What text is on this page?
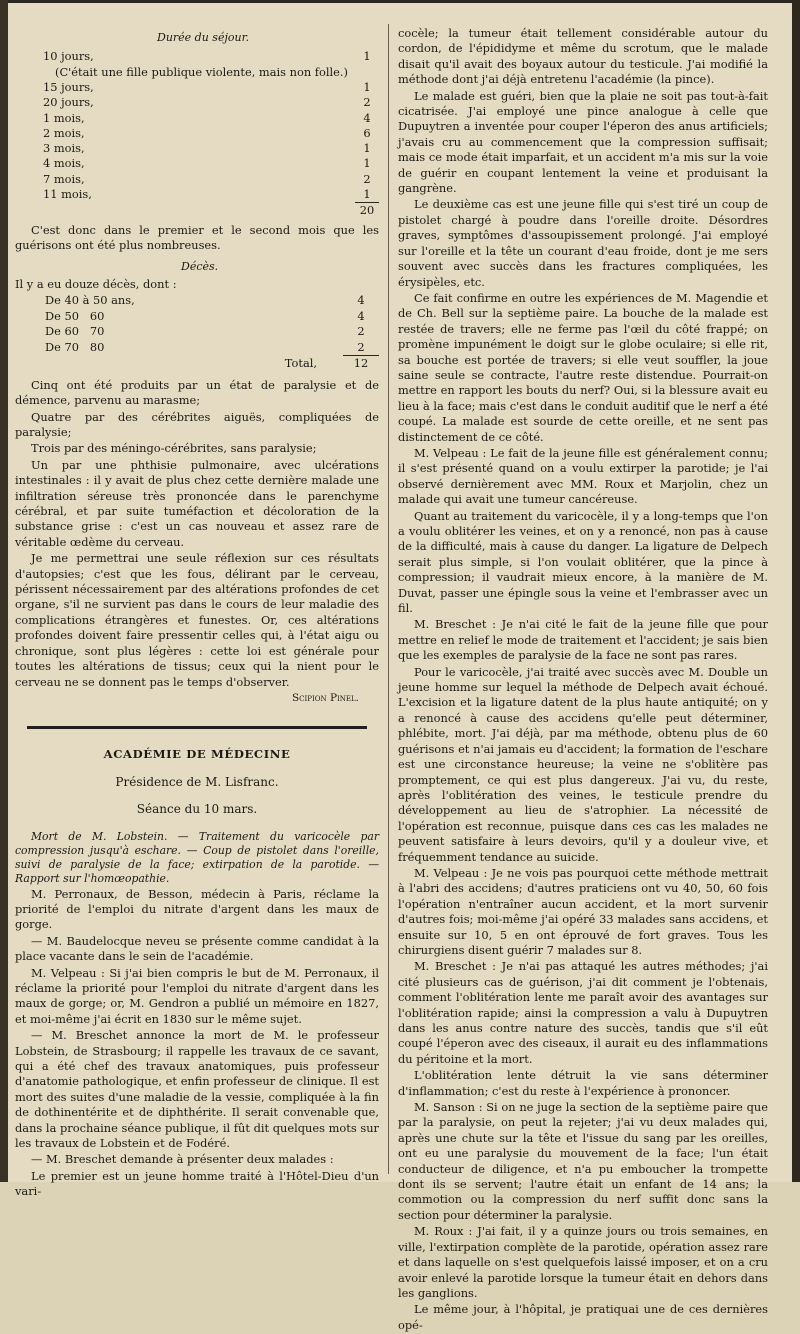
Durée du séjour.
10 jours,	1
(C'était une fille publique violente, mais non folle.)	
15 jours,	1
20 jours,	2
1 mois,	4
2 mois,	6
3 mois,	1
4 mois,	1
7 mois,	2
11 mois,	1
	20

C'est donc dans le premier et le second mois que les guérisons ont été plus nombreuses.

Décès.

Il y a eu douze décès, dont :

De 40 à 50 ans,	4
De 50   60	4
De 60   70	2
De 70   80	2
Total,	12

Cinq ont été produits par un état de paralysie et de démence, parvenu au marasme;

Quatre par des cérébrites aiguës, compliquées de paralysie;

Trois par des méningo-cérébrites, sans paralysie;

Un par une phthisie pulmonaire, avec ulcérations intestinales : il y avait de plus chez cette dernière malade une infiltration séreuse très prononcée dans le parenchyme cérébral, et par suite tuméfaction et décoloration de la substance grise : c'est un cas nouveau et assez rare de véritable œdème du cerveau.

Je me permettrai une seule réflexion sur ces résultats d'autopsies; c'est que les fous, délirant par le cerveau, périssent nécessairement par des altérations profondes de cet organe, s'il ne survient pas dans le cours de leur maladie des complications étrangères et funestes. Or, ces altérations profondes doivent faire pressentir celles qui, à l'état aigu ou chronique, sont plus légères : cette loi est générale pour toutes les altérations de tissus; ceux qui la nient pour le cerveau ne se donnent pas le temps d'observer.

Scipion Pinel.
ACADÉMIE DE MÉDECINE
Présidence de M. Lisfranc.
Séance du 10 mars.

Mort de M. Lobstein. — Traitement du varicocèle par compression jusqu'à eschare. — Coup de pistolet dans l'oreille, suivi de paralysie de la face; extirpation de la parotide. — Rapport sur l'homœopathie.

M. Perronaux, de Besson, médecin à Paris, réclame la priorité de l'emploi du nitrate d'argent dans les maux de gorge.

— M. Baudelocque neveu se présente comme candidat à la place vacante dans le sein de l'académie.

M. Velpeau : Si j'ai bien compris le but de M. Perronaux, il réclame la priorité pour l'emploi du nitrate d'argent dans les maux de gorge; or, M. Gendron a publié un mémoire en 1827, et moi-même j'ai écrit en 1830 sur le même sujet.

— M. Breschet annonce la mort de M. le professeur Lobstein, de Strasbourg; il rappelle les travaux de ce savant, qui a été chef des travaux anatomiques, puis professeur d'anatomie pathologique, et enfin professeur de clinique. Il est mort des suites d'une maladie de la vessie, compliquée à la fin de dothinentérite et de diphthérite. Il serait convenable que, dans la prochaine séance publique, il fût dit quelques mots sur les travaux de Lobstein et de Fodéré.

— M. Breschet demande à présenter deux malades :

Le premier est un jeune homme traité à l'Hôtel-Dieu d'un vari-

cocèle; la tumeur était tellement considérable autour du cordon, de l'épididyme et même du scrotum, que le malade disait qu'il avait des boyaux autour du testicule. J'ai modifié la méthode dont j'ai déjà entretenu l'académie (la pince).

Le malade est guéri, bien que la plaie ne soit pas tout-à-fait cicatrisée. J'ai employé une pince analogue à celle que Dupuytren a inventée pour couper l'éperon des anus artificiels; j'avais cru au commencement que la compression suffisait; mais ce mode était imparfait, et un accident m'a mis sur la voie de guérir en coupant lentement la veine et produisant la gangrène.

Le deuxième cas est une jeune fille qui s'est tiré un coup de pistolet chargé à poudre dans l'oreille droite. Désordres graves, symptômes d'assoupissement prolongé. J'ai employé sur l'oreille et la tête un courant d'eau froide, dont je me sers souvent avec succès dans les fractures compliquées, les érysipèles, etc.

Ce fait confirme en outre les expériences de M. Magendie et de Ch. Bell sur la septième paire. La bouche de la malade est restée de travers; elle ne ferme pas l'œil du côté frappé; on promène impunément le doigt sur le globe oculaire; si elle rit, sa bouche est portée de travers; si elle veut souffler, la joue saine seule se contracte, l'autre reste distendue. Pourrait-on mettre en rapport les bouts du nerf? Oui, si la blessure avait eu lieu à la face; mais c'est dans le conduit auditif que le nerf a été coupé. La malade est sourde de cette oreille, et ne sent pas distinctement de ce côté.

M. Velpeau : Le fait de la jeune fille est généralement connu; il s'est présenté quand on a voulu extirper la parotide; je l'ai observé dernièrement avec MM. Roux et Marjolin, chez un malade qui avait une tumeur cancéreuse.

Quant au traitement du varicocèle, il y a long-temps que l'on a voulu oblitérer les veines, et on y a renoncé, non pas à cause de la difficulté, mais à cause du danger. La ligature de Delpech serait plus simple, si l'on voulait oblitérer, que la pince à compression; il vaudrait mieux encore, à la manière de M. Duvat, passer une épingle sous la veine et l'embrasser avec un fil.

M. Breschet : Je n'ai cité le fait de la jeune fille que pour mettre en relief le mode de traitement et l'accident; je sais bien que les exemples de paralysie de la face ne sont pas rares.

Pour le varicocèle, j'ai traité avec succès avec M. Double un jeune homme sur lequel la méthode de Delpech avait échoué. L'excision et la ligature datent de la plus haute antiquité; on y a renoncé à cause des accidens qu'elle peut déterminer, phlébite, mort. J'ai déjà, par ma méthode, obtenu plus de 60 guérisons et n'ai jamais eu d'accident; la formation de l'eschare est une circonstance heureuse; la veine ne s'oblitère pas promptement, ce qui est plus dangereux. J'ai vu, du reste, après l'oblitération des veines, le testicule prendre du développement au lieu de s'atrophier. La nécessité de l'opération est reconnue, puisque dans ces cas les malades ne peuvent satisfaire à leurs devoirs, qu'il y a douleur vive, et fréquemment tendance au suicide.

M. Velpeau : Je ne vois pas pourquoi cette méthode mettrait à l'abri des accidens; d'autres praticiens ont vu 40, 50, 60 fois l'opération n'entraîner aucun accident, et la mort survenir d'autres fois; moi-même j'ai opéré 33 malades sans accidens, et ensuite sur 10, 5 en ont éprouvé de fort graves. Tous les chirurgiens disent guérir 7 malades sur 8.

M. Breschet : Je n'ai pas attaqué les autres méthodes; j'ai cité plusieurs cas de guérison, j'ai dit comment je l'obtenais, comment l'oblitération lente me paraît avoir des avantages sur l'oblitération rapide; ainsi la compression a valu à Dupuytren dans les anus contre nature des succès, tandis que s'il eût coupé l'éperon avec des ciseaux, il aurait eu des inflammations du péritoine et la mort.

L'oblitération lente détruit la vie sans déterminer d'inflammation; c'est du reste à l'expérience à prononcer.

M. Sanson : Si on ne juge la section de la septième paire que par la paralysie, on peut la rejeter; j'ai vu deux malades qui, après une chute sur la tête et l'issue du sang par les oreilles, ont eu une paralysie du mouvement de la face; l'un était conducteur de diligence, et n'a pu emboucher la trompette dont ils se servent; l'autre était un enfant de 14 ans; la commotion ou la compression du nerf suffit donc sans la section pour déterminer la paralysie.

M. Roux : J'ai fait, il y a quinze jours ou trois semaines, en ville, l'extirpation complète de la parotide, opération assez rare et dans laquelle on s'est quelquefois laissé imposer, et on a cru avoir enlevé la parotide lorsque la tumeur était en dehors dans les ganglions.

Le même jour, à l'hôpital, je pratiquai une de ces dernières opé-
